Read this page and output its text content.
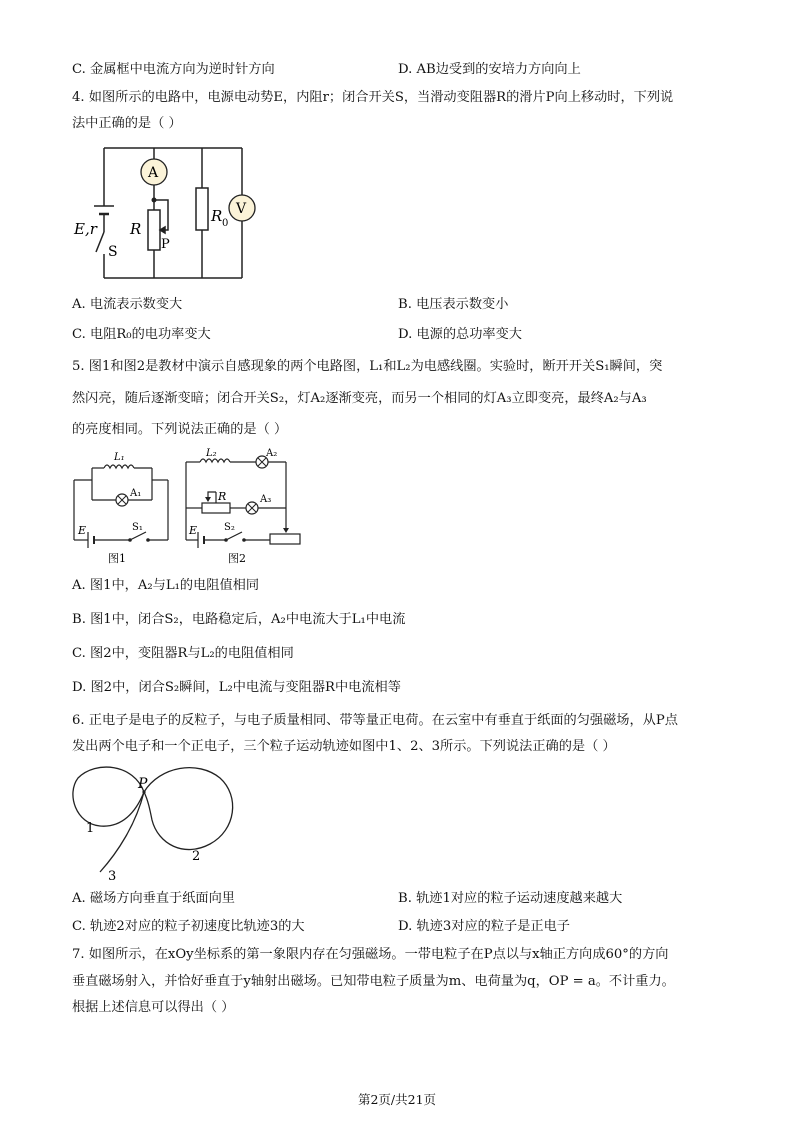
C. 金属框中电流方向为逆时针方向	D. AB边受到的安培力方向向上
4. 如图所示的电路中，电源电动势E，内阻r；闭合开关S，当滑动变阻器R的滑片P向上移动时，下列说
法中正确的是（ ）
A
V
R
P
R 0
E,r
S
A. 电流表示数变大	B. 电压表示数变小
C. 电阻R₀的电功率变大	D. 电源的总功率变大
5. 图1和图2是教材中演示自感现象的两个电路图，L₁和L₂为电感线圈。实验时，断开开关S₁瞬间，突
然闪亮，随后逐渐变暗；闭合开关S₂，灯A₂逐渐变亮，而另一个相同的灯A₃立即变亮，最终A₂与A₃
的亮度相同。下列说法正确的是（ ）
L₁
A₁
E	S₁
图1
L₂	A₂
R	A₃
E	S₂
图2
A. 图1中，A₂与L₁的电阻值相同
B. 图1中，闭合S₂，电路稳定后，A₂中电流大于L₁中电流
C. 图2中，变阻器R与L₂的电阻值相同
D. 图2中，闭合S₂瞬间，L₂中电流与变阻器R中电流相等
6. 正电子是电子的反粒子，与电子质量相同、带等量正电荷。在云室中有垂直于纸面的匀强磁场，从P点
发出两个电子和一个正电子，三个粒子运动轨迹如图中1、2、3所示。下列说法正确的是（ ）
P
1
2
3
A. 磁场方向垂直于纸面向里	B. 轨迹1对应的粒子运动速度越来越大
C. 轨迹2对应的粒子初速度比轨迹3的大	D. 轨迹3对应的粒子是正电子
7. 如图所示，在xOy坐标系的第一象限内存在匀强磁场。一带电粒子在P点以与x轴正方向成60°的方向
垂直磁场射入，并恰好垂直于y轴射出磁场。已知带电粒子质量为m、电荷量为q，OP = a。不计重力。
根据上述信息可以得出（ ）
第2页/共21页
